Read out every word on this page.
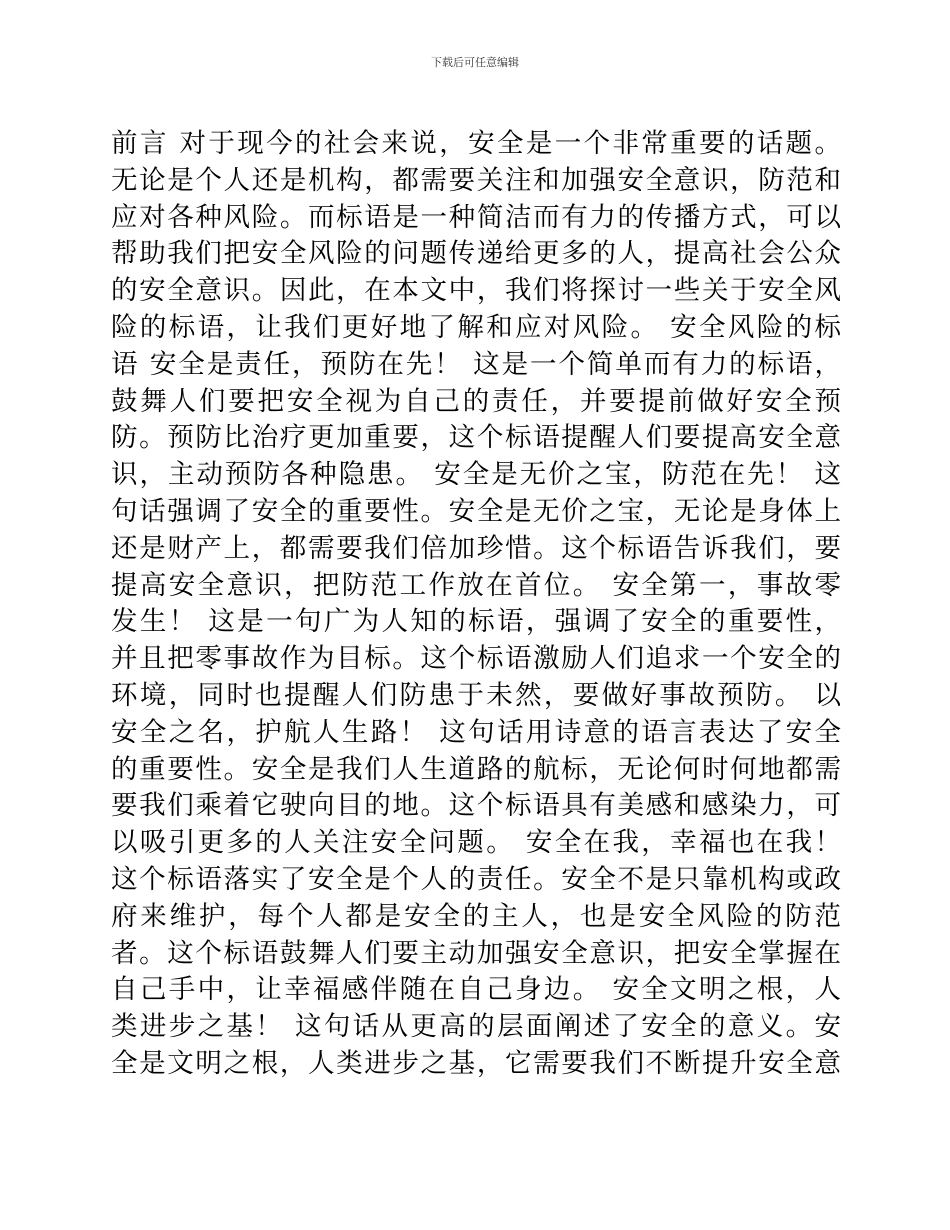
下载后可任意编辑
前言 对于现今的社会来说，安全是一个非常重要的话题。
无论是个人还是机构，都需要关注和加强安全意识，防范和
应对各种风险。而标语是一种简洁而有力的传播方式，可以
帮助我们把安全风险的问题传递给更多的人，提高社会公众
的安全意识。因此，在本文中，我们将探讨一些关于安全风
险的标语，让我们更好地了解和应对风险。 安全风险的标
语 安全是责任，预防在先！ 这是一个简单而有力的标语，
鼓舞人们要把安全视为自己的责任，并要提前做好安全预
防。预防比治疗更加重要，这个标语提醒人们要提高安全意
识，主动预防各种隐患。 安全是无价之宝，防范在先！ 这
句话强调了安全的重要性。安全是无价之宝，无论是身体上
还是财产上，都需要我们倍加珍惜。这个标语告诉我们，要
提高安全意识，把防范工作放在首位。 安全第一，事故零
发生！ 这是一句广为人知的标语，强调了安全的重要性，
并且把零事故作为目标。这个标语激励人们追求一个安全的
环境，同时也提醒人们防患于未然，要做好事故预防。 以
安全之名，护航人生路！ 这句话用诗意的语言表达了安全
的重要性。安全是我们人生道路的航标，无论何时何地都需
要我们乘着它驶向目的地。这个标语具有美感和感染力，可
以吸引更多的人关注安全问题。 安全在我，幸福也在我！
这个标语落实了安全是个人的责任。安全不是只靠机构或政
府来维护，每个人都是安全的主人，也是安全风险的防范
者。这个标语鼓舞人们要主动加强安全意识，把安全掌握在
自己手中，让幸福感伴随在自己身边。 安全文明之根，人
类进步之基！ 这句话从更高的层面阐述了安全的意义。安
全是文明之根，人类进步之基，它需要我们不断提升安全意
